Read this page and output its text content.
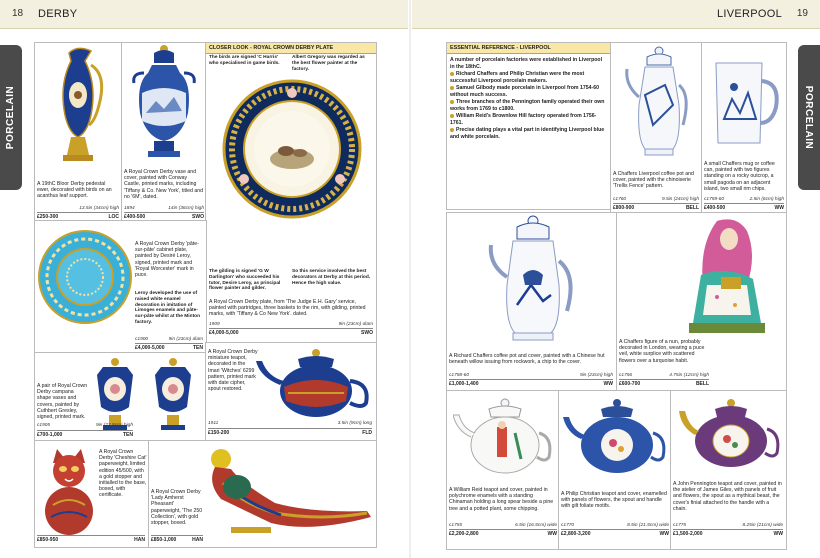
18 DERBY	LIVERPOOL 19
PORCELAIN	PORCELAIN
A 19thC Bloor Derby pedestal ewer, decorated with birds on an acanthus leaf support.
13.5in (34cm) high
£250-300	LOC
A Royal Crown Derby vase and cover, painted with Conway Castle, printed marks, including 'Tiffany & Co. New York', titled and no '6M', dated.
1894	14in (36cm) high
£400-500	SWO
CLOSER LOOK - ROYAL CROWN DERBY PLATE
The birds are signed 'C Harris' who specialised in game birds.
Albert Gregory was regarded as the best flower painter at the factory.
The gilding is signed 'G W Darlington' who succeeded his tutor, Desire Leroy, as principal flower painter and gilder.
So this service involved the best decorators at Derby at this period. Hence the high value.
A Royal Crown Derby plate, from 'The Judge E.H. Gary' service, painted with partridges, three baskets to the rim, with gilding, printed marks, with 'Tiffany & Co New York'. dated.
1909	9in (23cm) diam
£4,000-5,000	SWO
A Royal Crown Derby 'pâte-sur-pâte' cabinet plate, painted by Desiré Leroy, signed, printed mark and 'Royal Worcester' mark in puce.
Leroy developed the use of raised white enamel decoration in imitation of Limoges enamels and pâte-sur-pâte whilst at the Minton factory.
c1900	9in (23cm) diam
£4,000-5,000	TEN
A pair of Royal Crown Derby campana shape vases and covers, painted by Cuthbert Gresley, signed, printed mark.
c1905	9in (22.5cm) high
£700-1,000	TEN
A Royal Crown Derby miniature teapot, decorated in the Imari 'Witches' 6299 pattern, printed mark with date cipher, spout restored.
1911	3.5in (9cm) long
£150-200	FLD
A Royal Crown Derby 'Cheshire Cat' paperweight, limited edition 45/500, with a gold stopper and initialled to the base, boxed, with certificate.
£850-950	HAN
A Royal Crown Derby 'Lady Amherst Pheasant' paperweight, 'The 250 Collection', with gold stopper, boxed.
£850-1,000	HAN
ESSENTIAL REFERENCE - LIVERPOOL

A number of porcelain factories were established in Liverpool in the 18thC.

Richard Chaffers and Philip Christian were the most successful Liverpool porcelain makers.

Samuel Gilbody made porcelain in Liverpool from 1754-60 without much success.

Three branches of the Pennington family operated their own works from 1769 to c1800.

William Reid's Brownlow Hill factory operated from 1756-1761.

Precise dating plays a vital part in identifying Liverpool blue and white porcelain.

A Chaffers Liverpool coffee pot and cover, painted with the chinoiserie 'Trellis Fence' pattern.
c1760	9.5in (24cm) high
£800-900	BELL
A small Chaffers mug or coffee can, painted with two figures standing on a rocky outcrop, a small pagoda on an adjacent island, two small rim chips.
c1759-60	2.5in (6cm) high
£400-500	WW
A Richard Chaffers coffee pot and cover, painted with a Chinese hut beneath willow issuing from rockwork, a chip to the cover.
c1758-60	9in (23cm) high
£1,000-1,400	WW
A Chaffers figure of a nun, probably decorated in London, wearing a puce veil, white surplice with scattered flowers over a turquoise habit.
c1756	4.75in (12cm) high
£600-700	BELL
A William Reid teapot and cover, painted in polychrome enamels with a standing Chinaman holding a long spear beside a pine tree and a potted plant, some chipping.
c1755	6.5in (16.5cm) wide
£2,200-2,800	WW
A Philip Christian teapot and cover, enamelled with panels of flowers, the spout and handle with gilt foliate motifs.
c1770	8.5in (21.5cm) wide
£2,800-3,200	WW
A John Pennington teapot and cover, painted in the atelier of James Giles, with panels of fruit and flowers, the spout as a mythical beast, the cover's finial attached to the handle with a chain.
c1775	8.25in (21cm) wide
£1,500-2,000	WW
